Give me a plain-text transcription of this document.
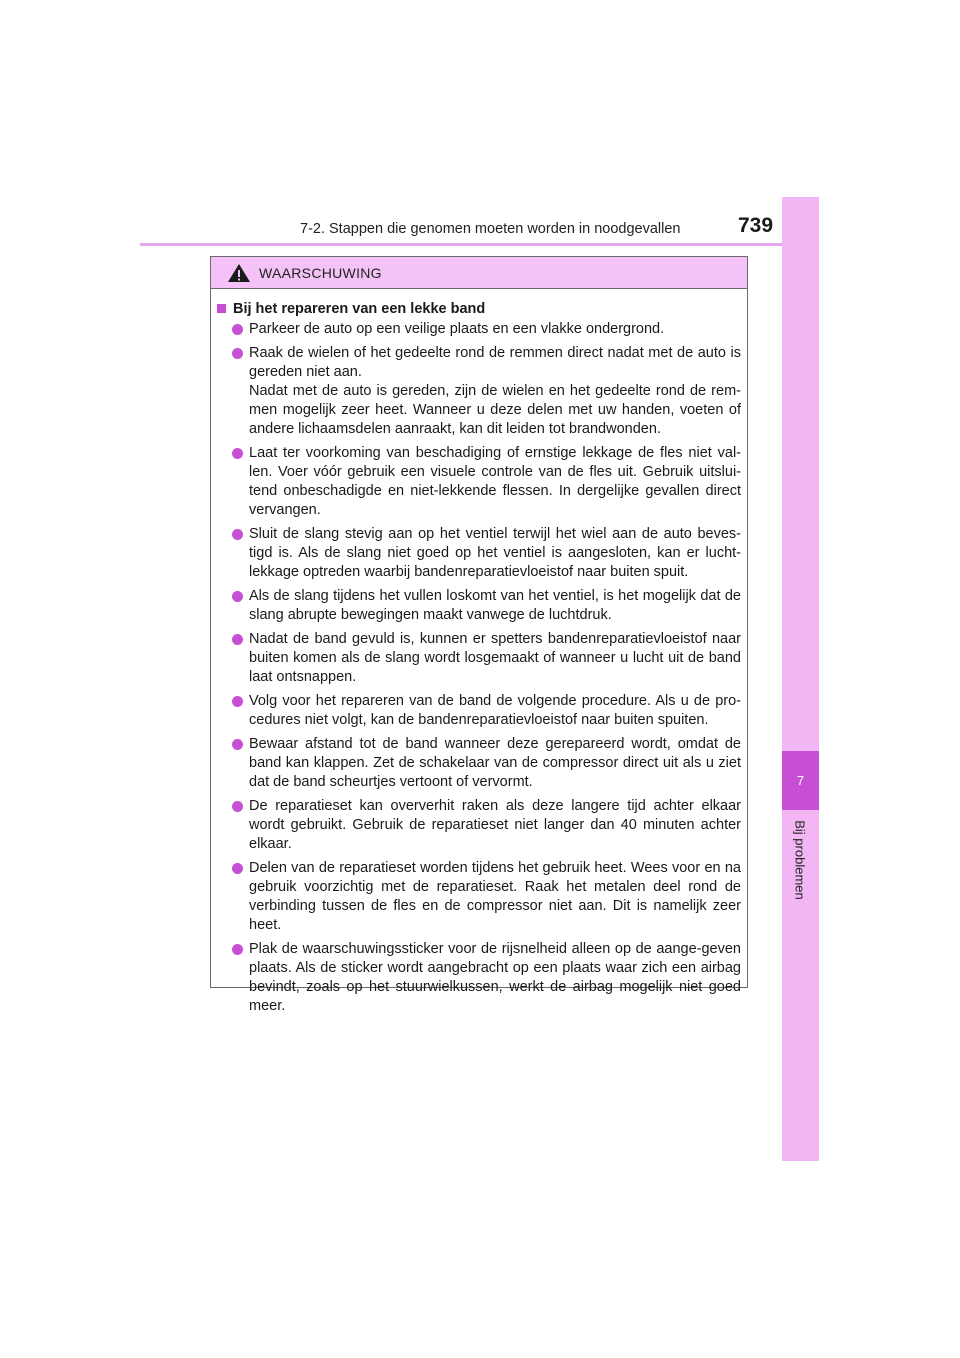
7-2. Stappen die genomen moeten worden in noodgevallen	739
7
Bij problemen
WAARSCHUWING
Bij het repareren van een lekke band
Parkeer de auto op een veilige plaats en een vlakke ondergrond.
Raak de wielen of het gedeelte rond de remmen direct nadat met de auto is gereden niet aan.
Nadat met de auto is gereden, zijn de wielen en het gedeelte rond de rem-men mogelijk zeer heet. Wanneer u deze delen met uw handen, voeten of andere lichaamsdelen aanraakt, kan dit leiden tot brandwonden.
Laat ter voorkoming van beschadiging of ernstige lekkage de fles niet val-len. Voer vóór gebruik een visuele controle van de fles uit. Gebruik uitslui-tend onbeschadigde en niet-lekkende flessen. In dergelijke gevallen direct vervangen.
Sluit de slang stevig aan op het ventiel terwijl het wiel aan de auto beves-tigd is. Als de slang niet goed op het ventiel is aangesloten, kan er lucht-lekkage optreden waarbij bandenreparatievloeistof naar buiten spuit.
Als de slang tijdens het vullen loskomt van het ventiel, is het mogelijk dat de slang abrupte bewegingen maakt vanwege de luchtdruk.
Nadat de band gevuld is, kunnen er spetters bandenreparatievloeistof naar buiten komen als de slang wordt losgemaakt of wanneer u lucht uit de band laat ontsnappen.
Volg voor het repareren van de band de volgende procedure. Als u de pro-cedures niet volgt, kan de bandenreparatievloeistof naar buiten spuiten.
Bewaar afstand tot de band wanneer deze gerepareerd wordt, omdat de band kan klappen. Zet de schakelaar van de compressor direct uit als u ziet dat de band scheurtjes vertoont of vervormt.
De reparatieset kan oververhit raken als deze langere tijd achter elkaar wordt gebruikt. Gebruik de reparatieset niet langer dan 40 minuten achter elkaar.
Delen van de reparatieset worden tijdens het gebruik heet. Wees voor en na gebruik voorzichtig met de reparatieset. Raak het metalen deel rond de verbinding tussen de fles en de compressor niet aan. Dit is namelijk zeer heet.
Plak de waarschuwingssticker voor de rijsnelheid alleen op de aange-geven plaats. Als de sticker wordt aangebracht op een plaats waar zich een airbag bevindt, zoals op het stuurwielkussen, werkt de airbag mogelijk niet goed meer.
